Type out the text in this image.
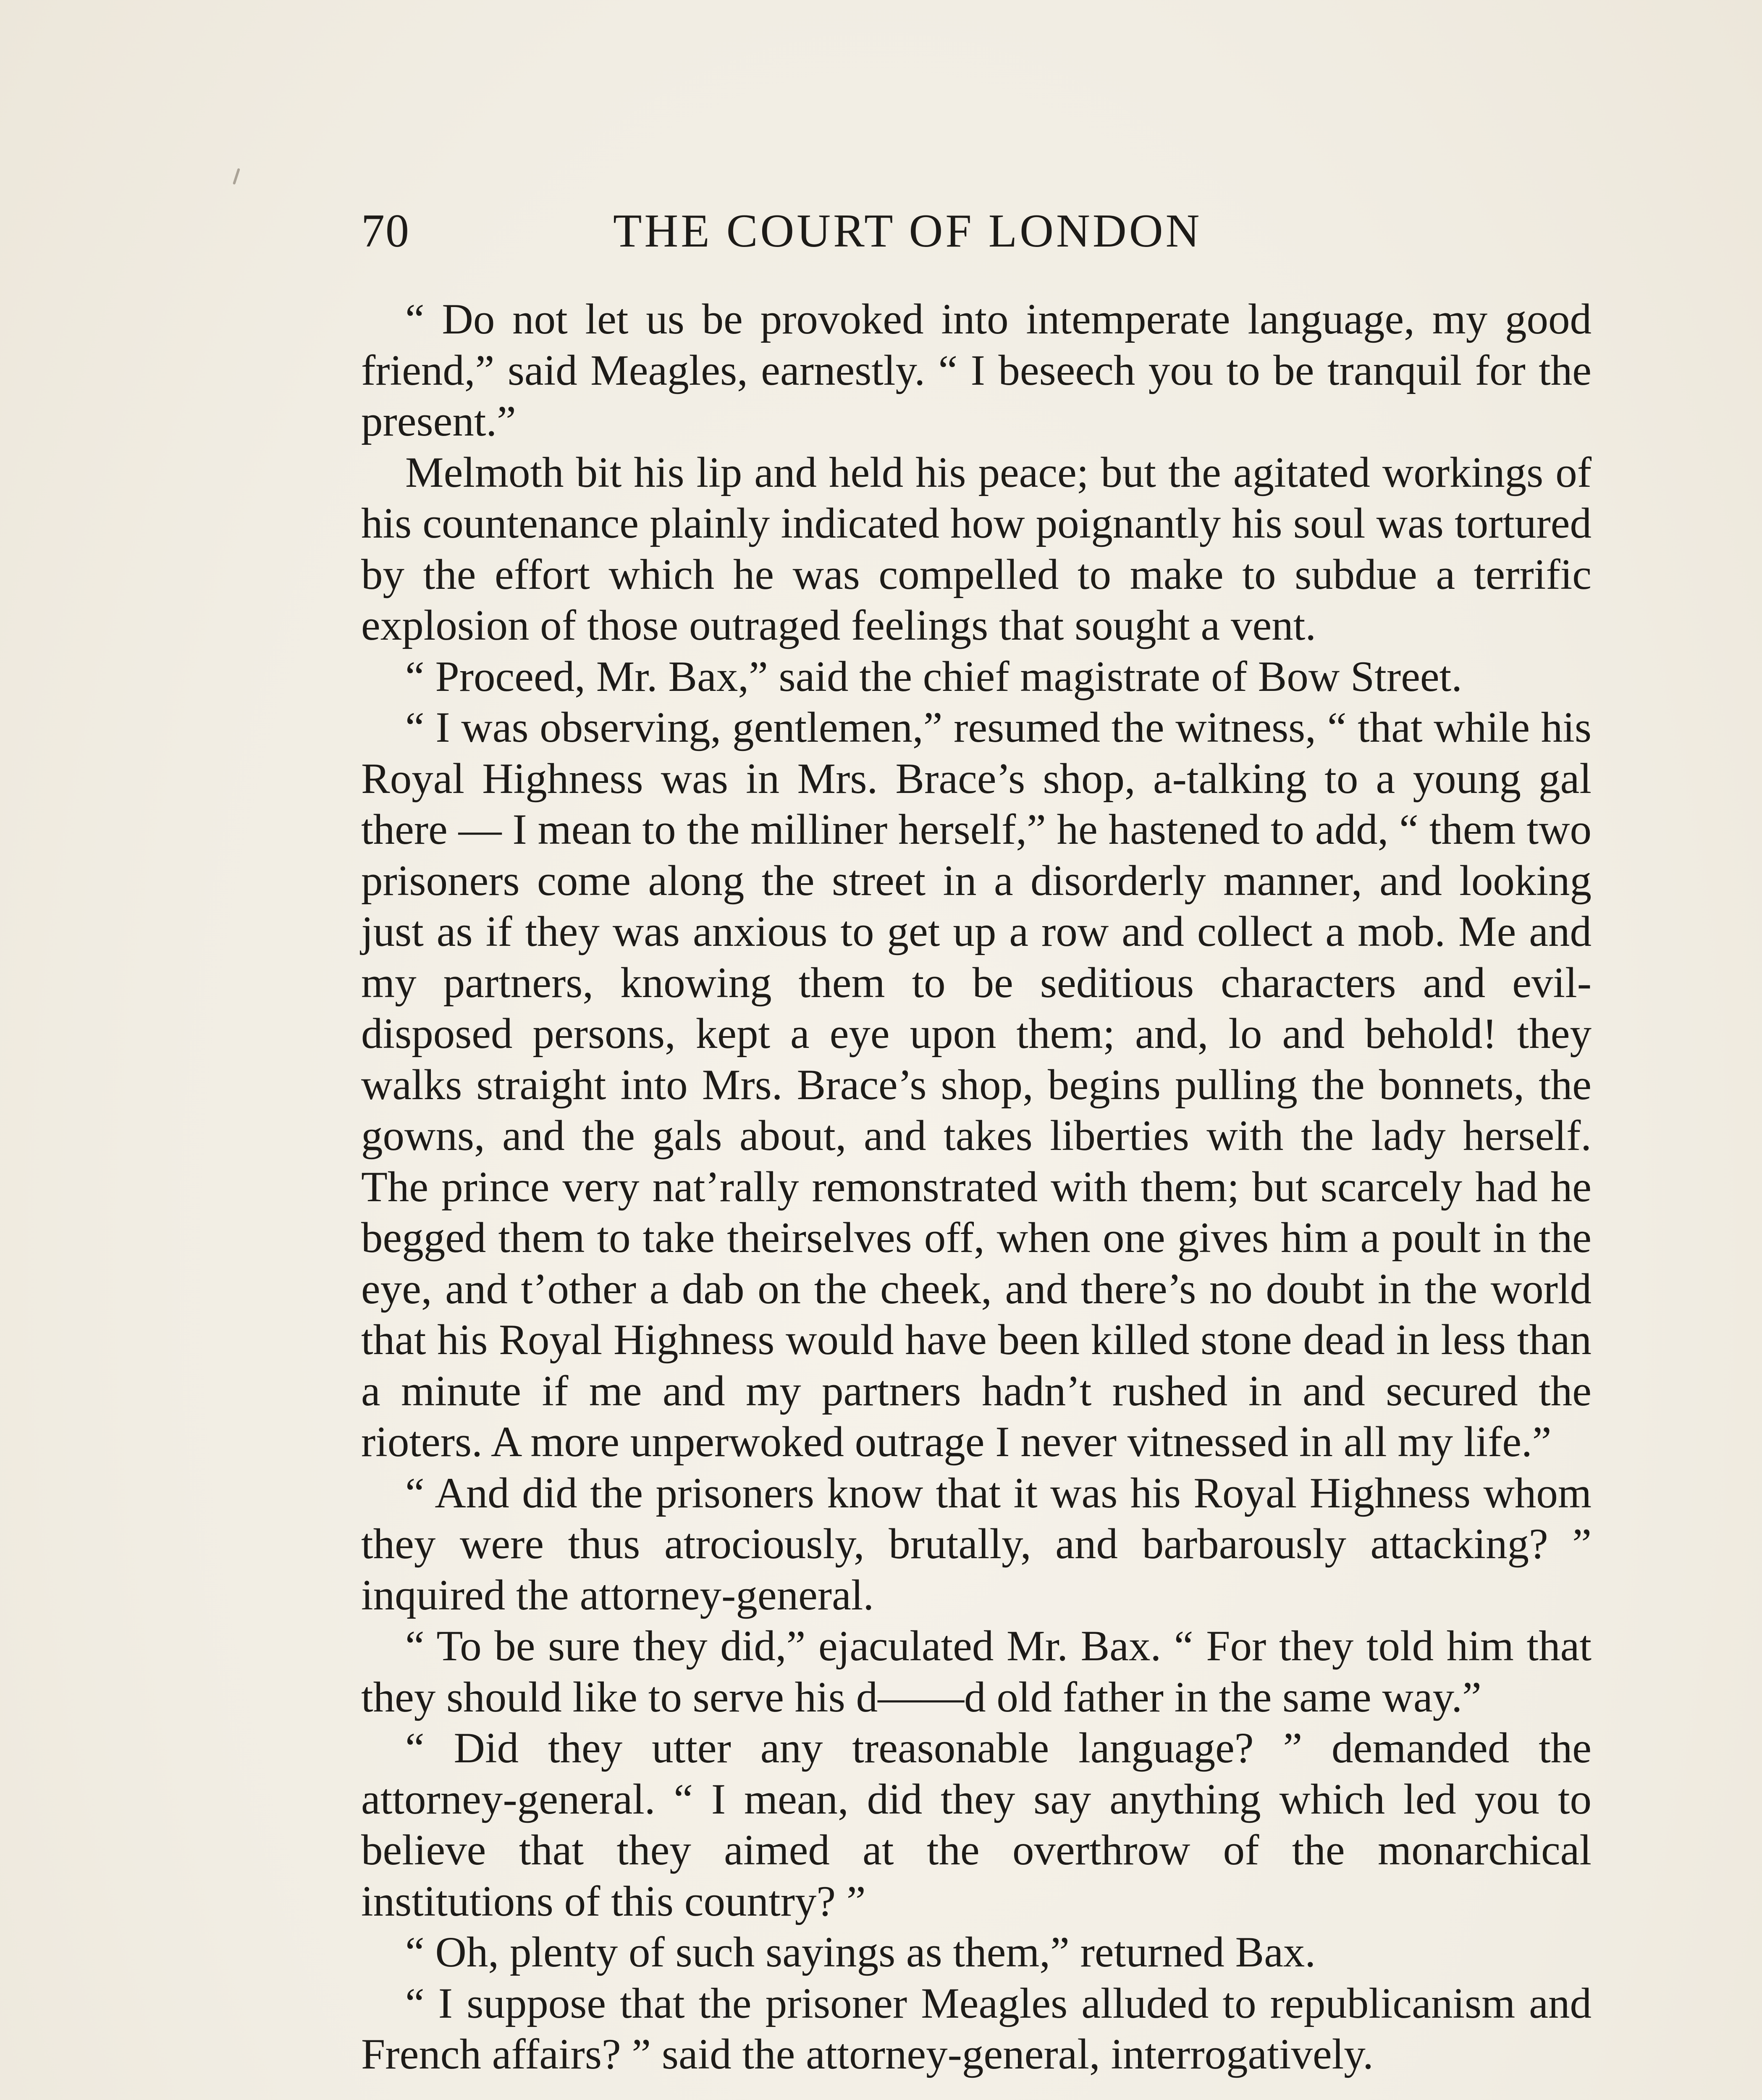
70	THE COURT OF LONDON

“ Do not let us be provoked into intemperate language, my good friend,” said Meagles, earnestly. “ I beseech you to be tranquil for the present.”

Melmoth bit his lip and held his peace; but the agitated workings of his countenance plainly indicated how poignantly his soul was tortured by the effort which he was compelled to make to subdue a terrific explosion of those outraged feelings that sought a vent.

“ Proceed, Mr. Bax,” said the chief magistrate of Bow Street.

“ I was observing, gentlemen,” resumed the witness, “ that while his Royal Highness was in Mrs. Brace’s shop, a-talking to a young gal there — I mean to the milliner herself,” he hastened to add, “ them two prisoners come along the street in a disorderly manner, and looking just as if they was anxious to get up a row and collect a mob. Me and my partners, knowing them to be seditious characters and evil-disposed persons, kept a eye upon them; and, lo and behold! they walks straight into Mrs. Brace’s shop, begins pulling the bonnets, the gowns, and the gals about, and takes liberties with the lady herself. The prince very nat’rally remonstrated with them; but scarcely had he begged them to take theirselves off, when one gives him a poult in the eye, and t’other a dab on the cheek, and there’s no doubt in the world that his Royal Highness would have been killed stone dead in less than a minute if me and my partners hadn’t rushed in and secured the rioters. A more unperwoked outrage I never vitnessed in all my life.”

“ And did the prisoners know that it was his Royal Highness whom they were thus atrociously, brutally, and barbarously attacking? ” inquired the attorney-general.

“ To be sure they did,” ejaculated Mr. Bax. “ For they told him that they should like to serve his d——d old father in the same way.”

“ Did they utter any treasonable language? ” demanded the attorney-general. “ I mean, did they say anything which led you to believe that they aimed at the overthrow of the monarchical institutions of this country? ”

“ Oh, plenty of such sayings as them,” returned Bax.

“ I suppose that the prisoner Meagles alluded to republicanism and French affairs? ” said the attorney-general, interrogatively.
